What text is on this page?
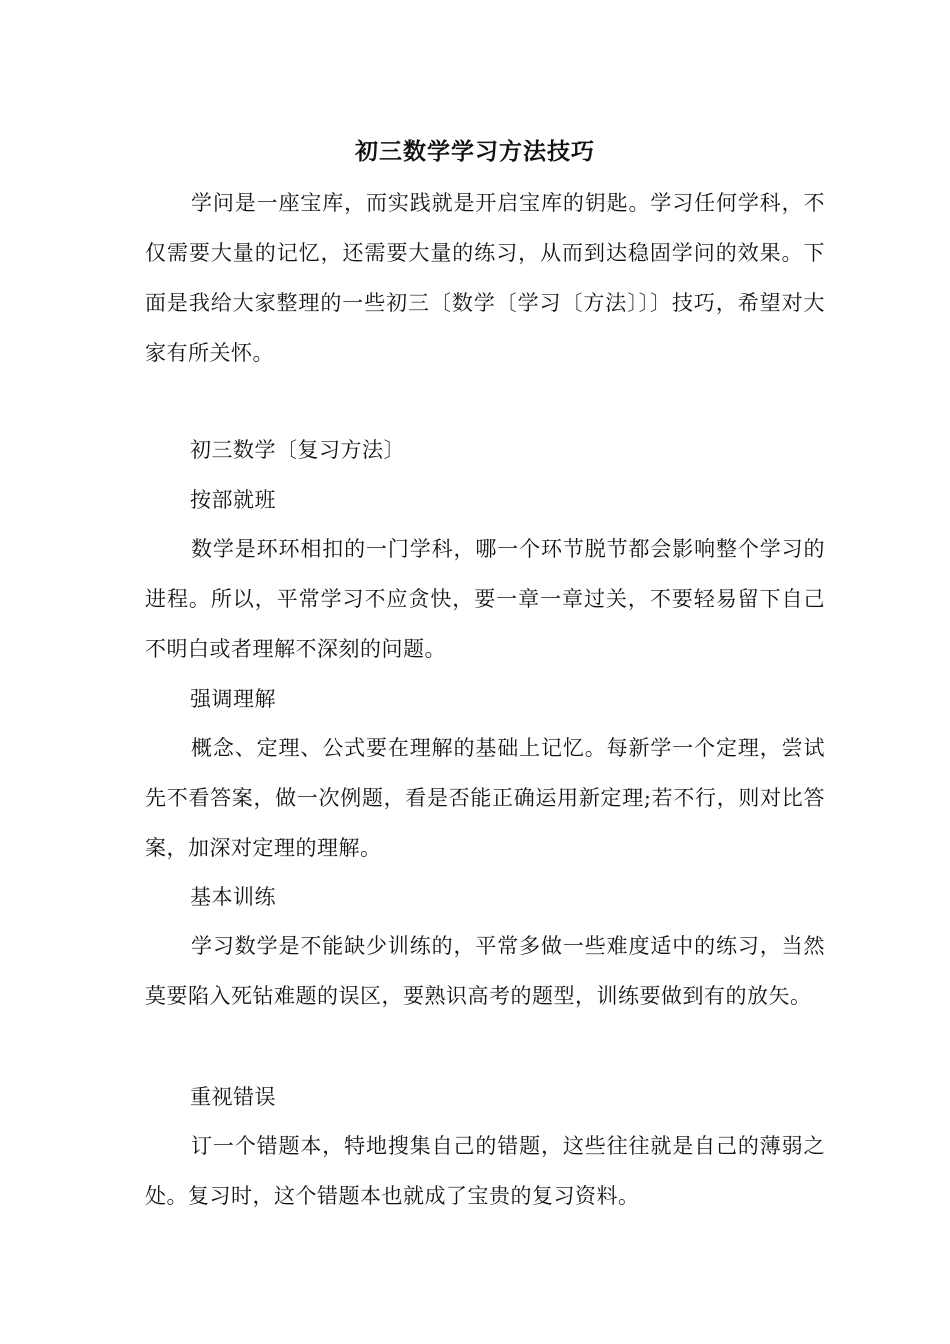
初三数学学习方法技巧
学问是一座宝库，而实践就是开启宝库的钥匙。学习任何学科，不仅需要大量的记忆，还需要大量的练习，从而到达稳固学问的效果。下面是我给大家整理的一些初三〔数学〔学习〔方法〕〕〕技巧，希望对大家有所关怀。
初三数学〔复习方法〕
按部就班
数学是环环相扣的一门学科，哪一个环节脱节都会影响整个学习的进程。所以，平常学习不应贪快，要一章一章过关，不要轻易留下自己不明白或者理解不深刻的问题。
强调理解
概念、定理、公式要在理解的基础上记忆。每新学一个定理，尝试先不看答案，做一次例题，看是否能正确运用新定理;若不行，则对比答案，加深对定理的理解。
基本训练
学习数学是不能缺少训练的，平常多做一些难度适中的练习，当然莫要陷入死钻难题的误区，要熟识高考的题型，训练要做到有的放矢。
重视错误
订一个错题本，特地搜集自己的错题，这些往往就是自己的薄弱之处。复习时，这个错题本也就成了宝贵的复习资料。
